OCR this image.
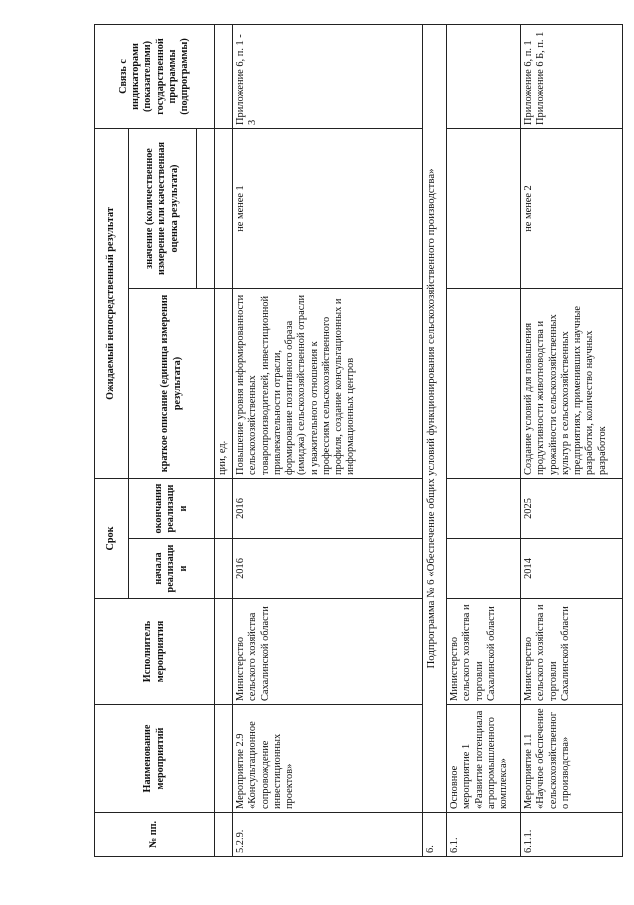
№ пп.	Наименование мероприятий	Исполнитель мероприятия	Срок		Ожидаемый непосредственный результат		Связь с индикаторами (показателями) государственной программы (подпрограммы)
			начала реализации	окончания реализации	краткое описание (единица измерения результата)	значение (количественное измерение или качественная оценка результата)	

					ции, ед.		
5.2.9.	Мероприятие 2.9 «Консультационное сопровождение инвестиционных проектов»	Министерство сельского хозяйства Сахалинской области	2016	2016	Повышение уровня информированности сельскохозяйственных товаропроизводителей, инвестиционной привлекательности отрасли, формирование позитивного образа (имиджа) сельскохозяйственной отрасли и уважительного отношения к профессиям сельскохозяйственного профиля, создание консультационных и информационных центров	не менее 1	Приложение 6, п. 1 - 3
6.	Подпрограмма № 6 «Обеспечение общих условий функционирования сельскохозяйственного производства»						
6.1.	Основное мероприятие 1 «Развитие потенциала агропромышленного комплекса»	Министерство сельского хозяйства и торговли Сахалинской области					
6.1.1.	Мероприятие 1.1 «Научное обеспечение сельскохозяйственного производства»	Министерство сельского хозяйства и торговли Сахалинской области	2014	2025	Создание условий для повышения продуктивности животноводства и урожайности сельскохозяйственных культур в сельскохозяйственных предприятиях, применивших научные разработки, количество научных разработок	не менее 2	Приложение 6, п. 1
Приложение 6 Б, п. 1
